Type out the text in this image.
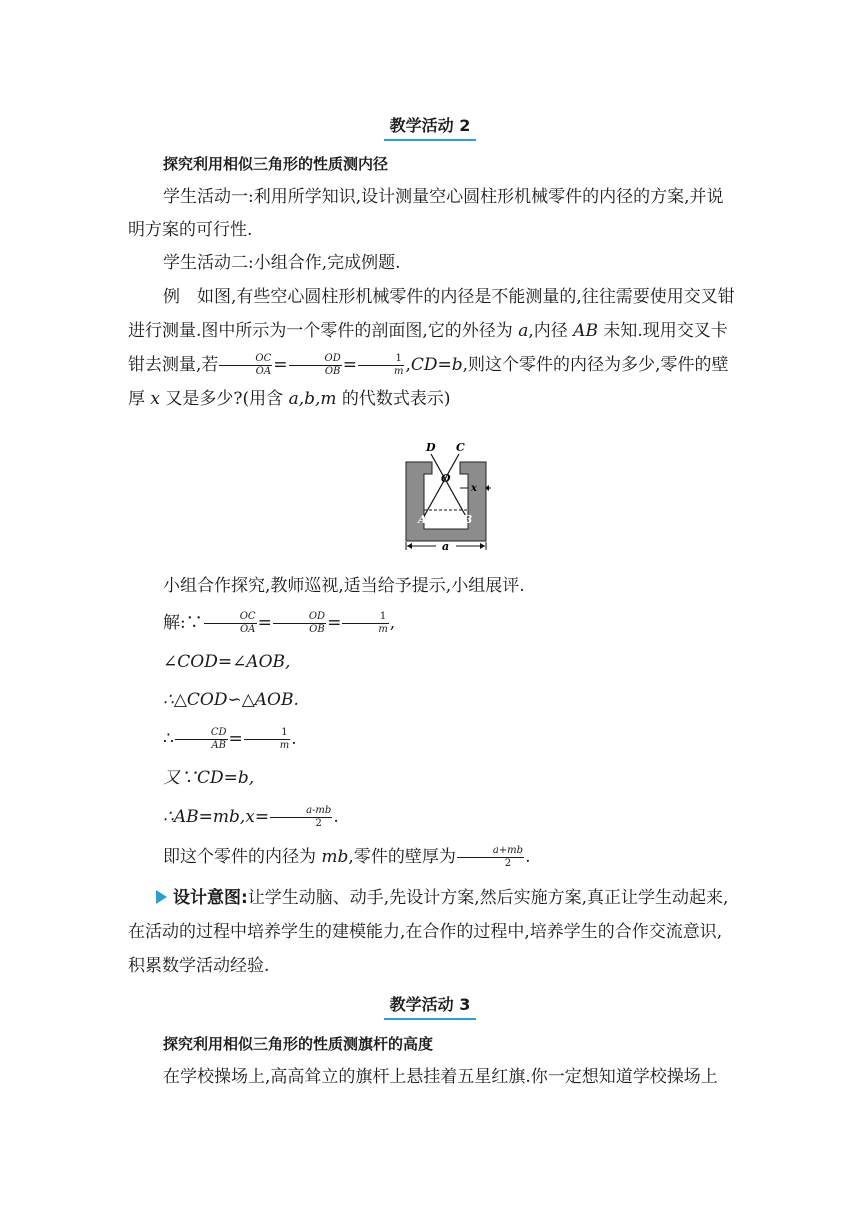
教学活动 2

探究利用相似三角形的性质测内径

学生活动一:利用所学知识,设计测量空心圆柱形机械零件的内径的方案,并说明方案的可行性.

学生活动二:小组合作,完成例题.

例　如图,有些空心圆柱形机械零件的内径是不能测量的,往往需要使用交叉钳进行测量.图中所示为一个零件的剖面图,它的外径为 a,内径 AB 未知.现用交叉卡钳去测量,若 $\frac{OC}{OA} = \frac{OD}{OB} = \frac{1}{m} ,CD=b$,则这个零件的内径为多少,零件的壁厚 x 又是多少?(用含 a,b,m 的代数式表示)

D C
O
A	B
x
a

小组合作探究,教师巡视,适当给予提示,小组展评.

解:∵ $\frac{OC}{OA} = \frac{OD}{OB} = \frac{1}{m}$ ,

∠COD=∠AOB,

∴△COD∽△AOB.

∴ $\frac{CD}{AB} = \frac{1}{m}$ .

又∵CD=b,

∴AB=mb,x= $\frac{a-mb}{2}$ .

即这个零件的内径为 mb,零件的壁厚为 $\frac{a+mb}{2}$ .

设计意图:让学生动脑、动手,先设计方案,然后实施方案,真正让学生动起来,在活动的过程中培养学生的建模能力,在合作的过程中,培养学生的合作交流意识,积累数学活动经验.

教学活动 3

探究利用相似三角形的性质测旗杆的高度

在学校操场上,高高耸立的旗杆上悬挂着五星红旗.你一定想知道学校操场上
